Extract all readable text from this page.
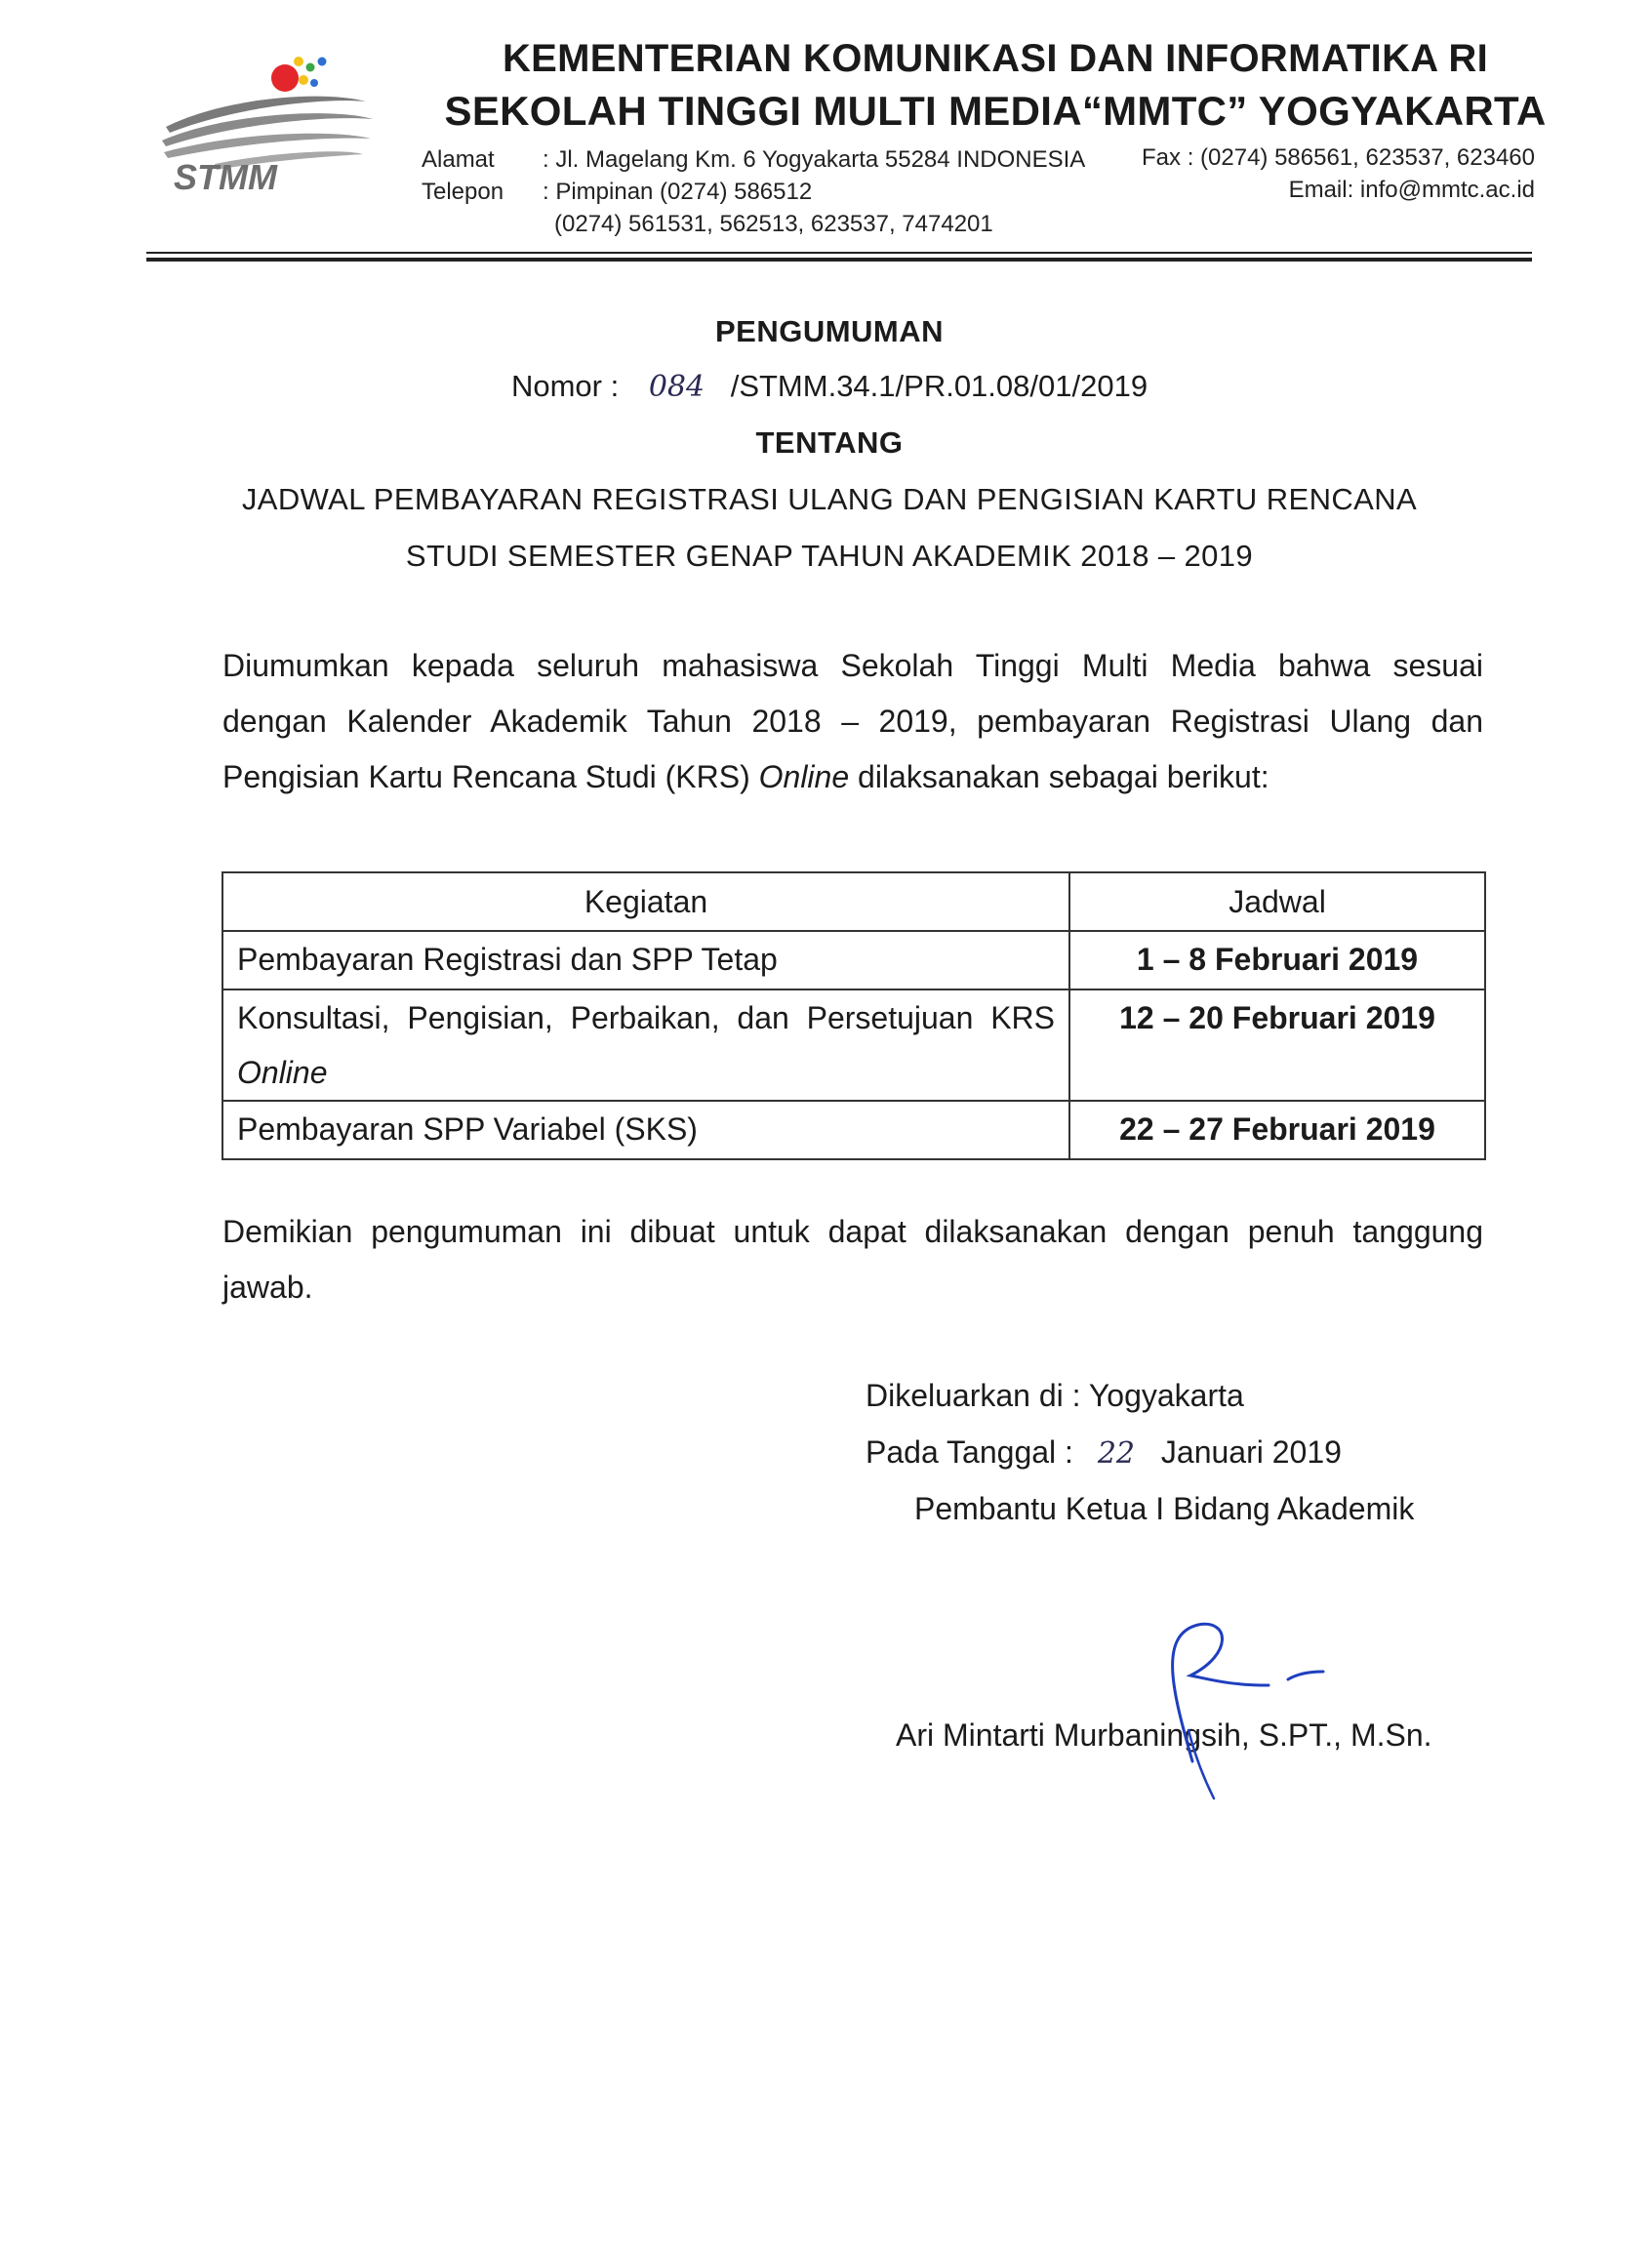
STMM
KEMENTERIAN KOMUNIKASI DAN INFORMATIKA RI
SEKOLAH TINGGI MULTI MEDIA“MMTC” YOGYAKARTA
Alamat : Jl. Magelang Km. 6 Yogyakarta 55284 INDONESIA
Telepon : Pimpinan (0274) 586512
(0274) 561531, 562513, 623537, 7474201
Fax : (0274) 586561, 623537, 623460
Email: info@mmtc.ac.id
PENGUMUMAN
Nomor : 084 /STMM.34.1/PR.01.08/01/2019
TENTANG
JADWAL PEMBAYARAN REGISTRASI ULANG DAN PENGISIAN KARTU RENCANA
STUDI SEMESTER GENAP TAHUN AKADEMIK 2018 – 2019
Diumumkan kepada seluruh mahasiswa Sekolah Tinggi Multi Media bahwa sesuai
dengan Kalender Akademik Tahun 2018 – 2019, pembayaran Registrasi Ulang dan
Pengisian Kartu Rencana Studi (KRS) Online dilaksanakan sebagai berikut:
Kegiatan	Jadwal
Pembayaran Registrasi dan SPP Tetap	1 – 8 Februari 2019

Konsultasi, Pengisian, Perbaikan, dan Persetujuan KRS
Online	12 – 20 Februari 2019
Pembayaran SPP Variabel (SKS)	22 – 27 Februari 2019
Demikian pengumuman ini dibuat untuk dapat dilaksanakan dengan penuh tanggung
jawab.
Dikeluarkan di : Yogyakarta
Pada Tanggal : 22 Januari 2019
Pembantu Ketua I Bidang Akademik
Ari Mintarti Murbaningsih, S.PT., M.Sn.
